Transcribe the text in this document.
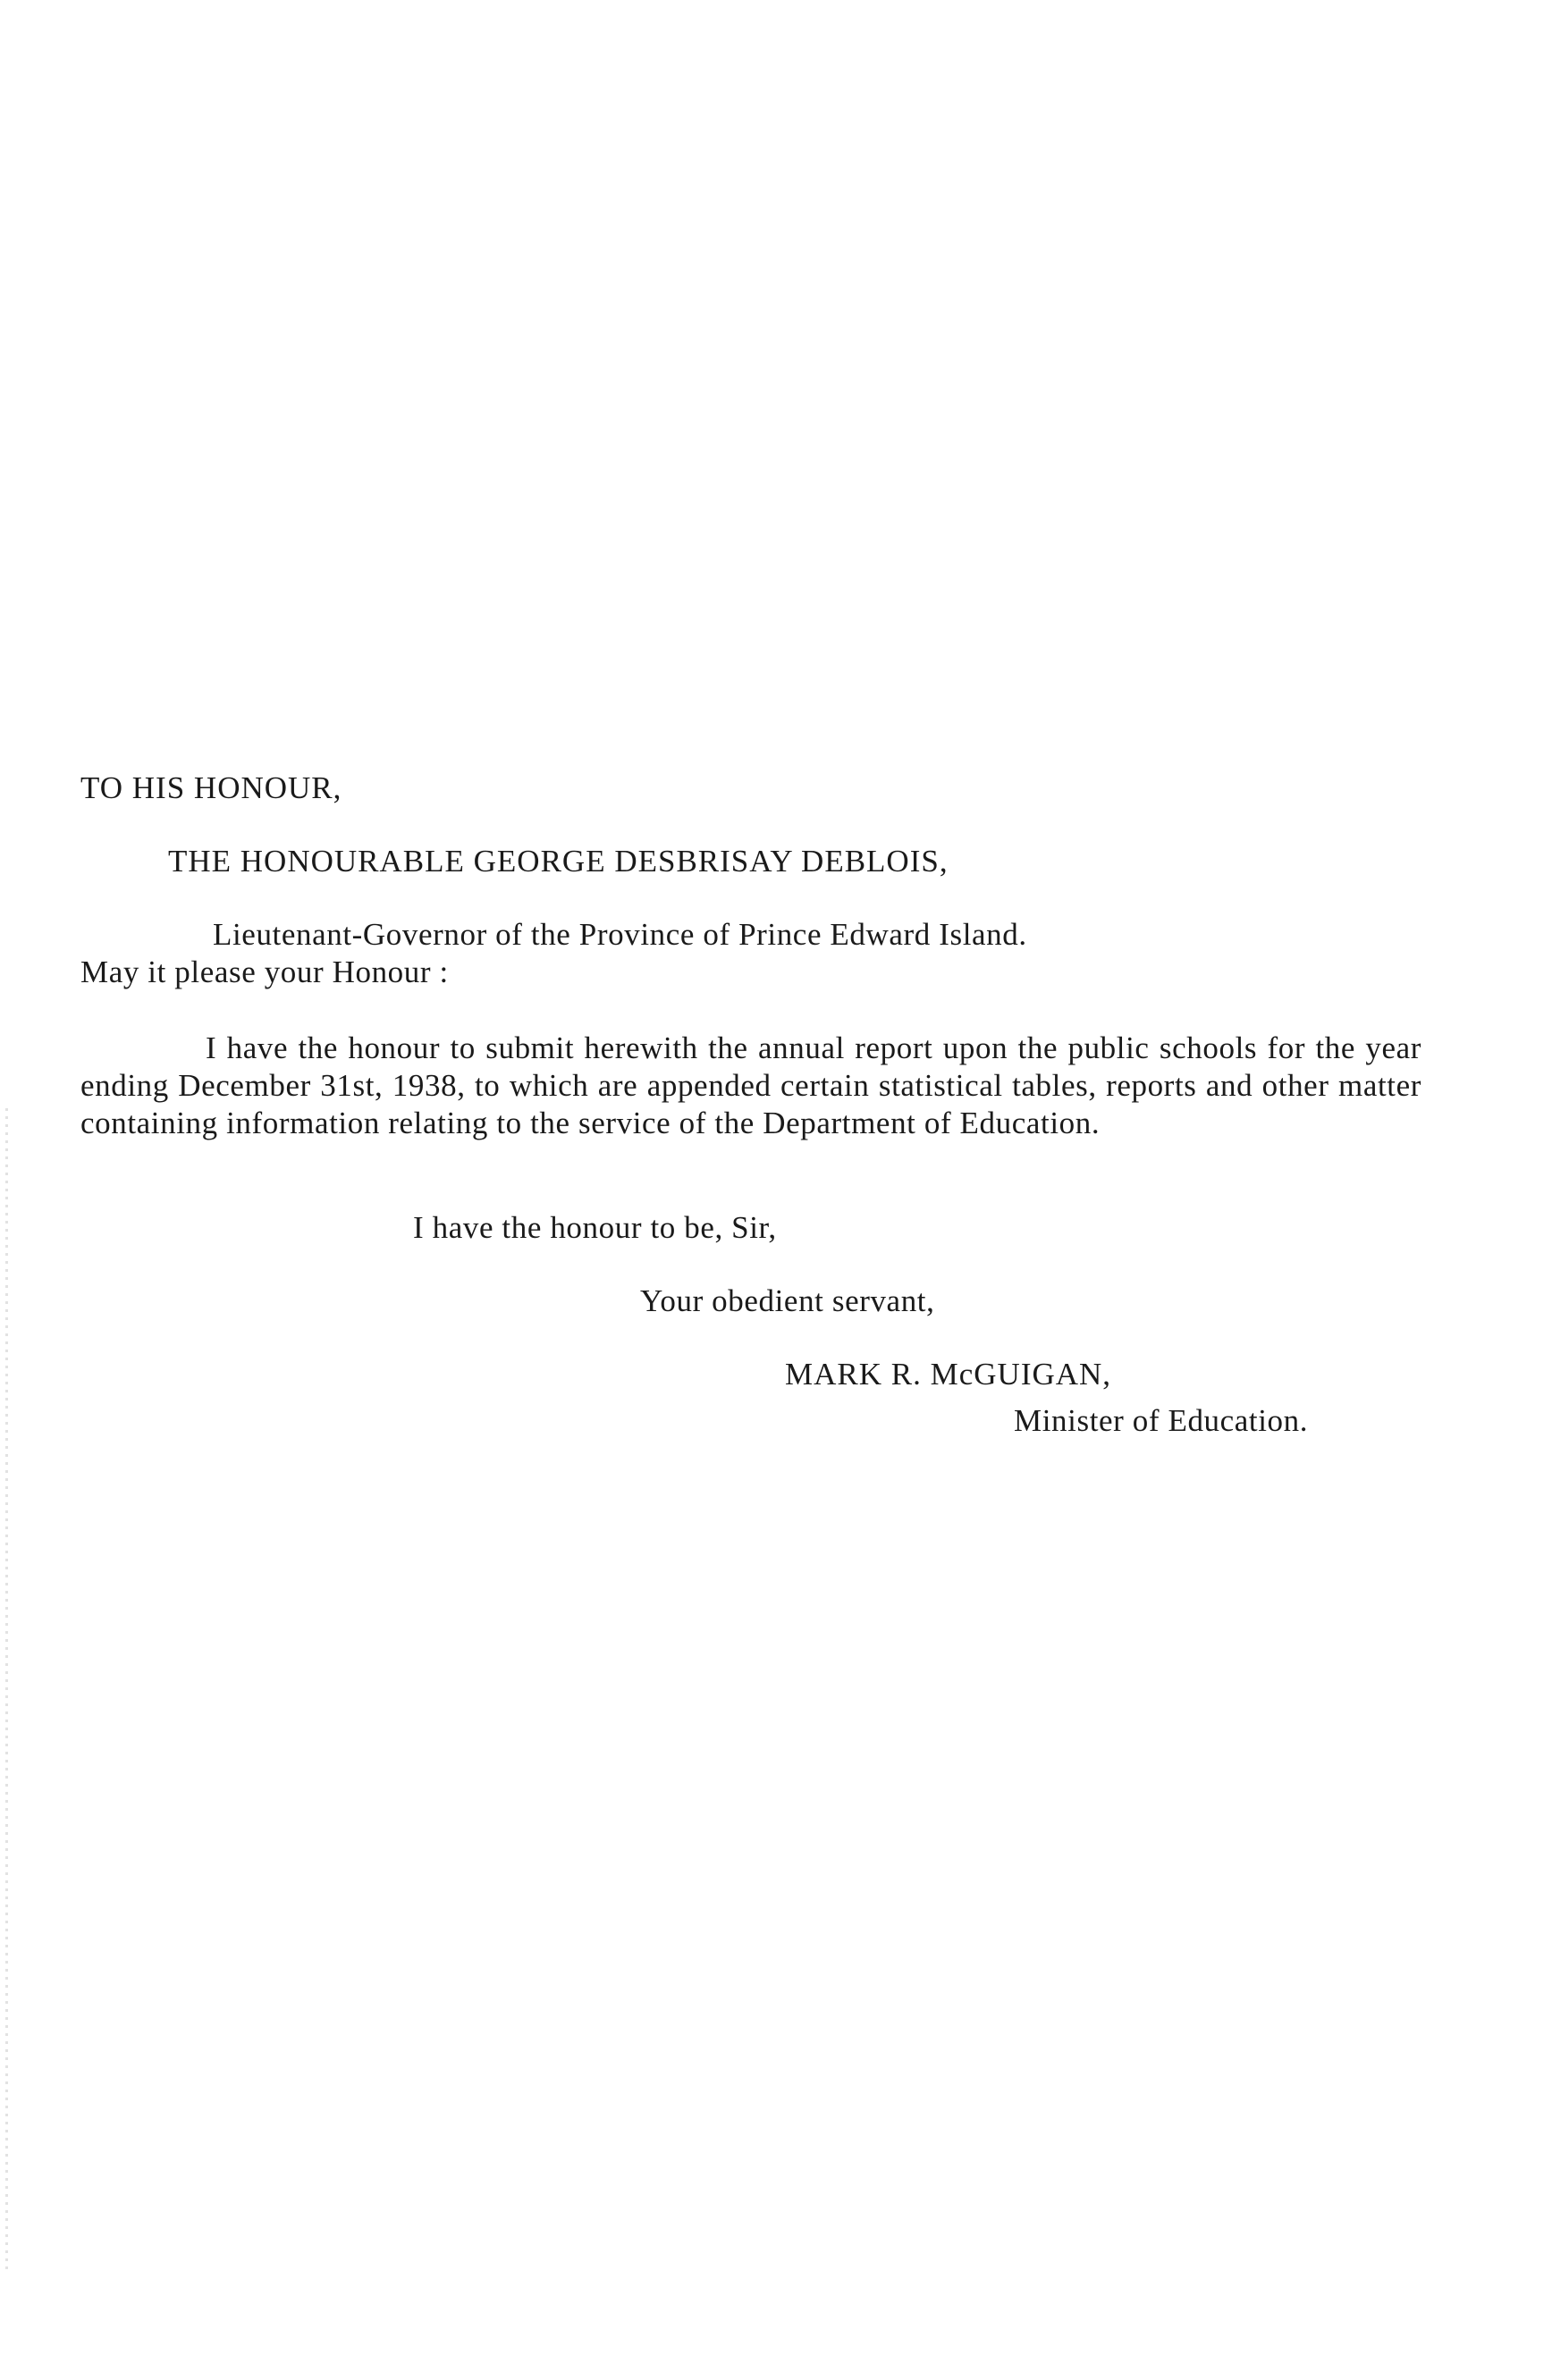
TO HIS HONOUR,
THE HONOURABLE GEORGE DESBRISAY DEBLOIS,
Lieutenant-Governor of the Province of Prince Edward Island.
May it please your Honour :
I have the honour to submit herewith the annual report upon the public schools for the year ending December 31st, 1938, to which are appended certain statistical tables, reports and other matter containing information relating to the service of the Department of Education.
I have the honour to be, Sir,
Your obedient servant,
MARK R. McGUIGAN,
Minister of Education.
